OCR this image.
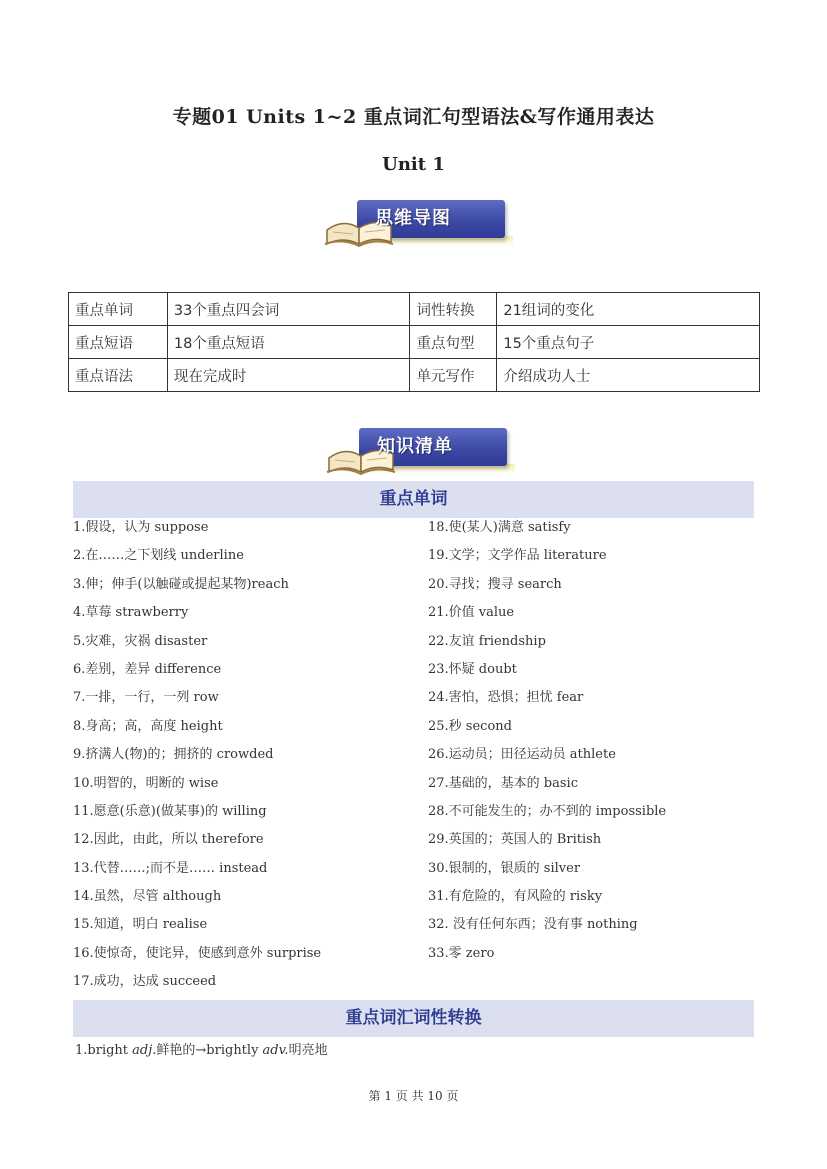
专题01 Units 1~2 重点词汇句型语法&写作通用表达
Unit 1
思维导图
重点单词	33个重点四会词	词性转换	21组词的变化
重点短语	18个重点短语	重点句型	15个重点句子
重点语法	现在完成时	单元写作	介绍成功人士
知识清单
重点单词
1.假设，认为 suppose
2.在……之下划线 underline
3.伸；伸手(以触碰或提起某物)reach
4.草莓 strawberry
5.灾难，灾祸 disaster
6.差别，差异 difference
7.一排，一行，一列 row
8.身高；高，高度 height
9.挤满人(物)的；拥挤的 crowded
10.明智的，明断的 wise
11.愿意(乐意)(做某事)的 willing
12.因此，由此，所以 therefore
13.代替……;而不是…… instead
14.虽然，尽管 although
15.知道，明白 realise
16.使惊奇，使诧异，使感到意外 surprise
17.成功，达成 succeed
18.使(某人)满意 satisfy
19.文学；文学作品 literature
20.寻找；搜寻 search
21.价值 value
22.友谊 friendship
23.怀疑 doubt
24.害怕，恐惧；担忧 fear
25.秒 second
26.运动员；田径运动员 athlete
27.基础的，基本的 basic
28.不可能发生的；办不到的 impossible
29.英国的；英国人的 British
30.银制的，银质的 silver
31.有危险的，有风险的 risky
32. 没有任何东西；没有事 nothing
33.零 zero
重点词汇词性转换
1.bright adj.鲜艳的→brightly adv.明亮地
第 1 页 共 10 页
